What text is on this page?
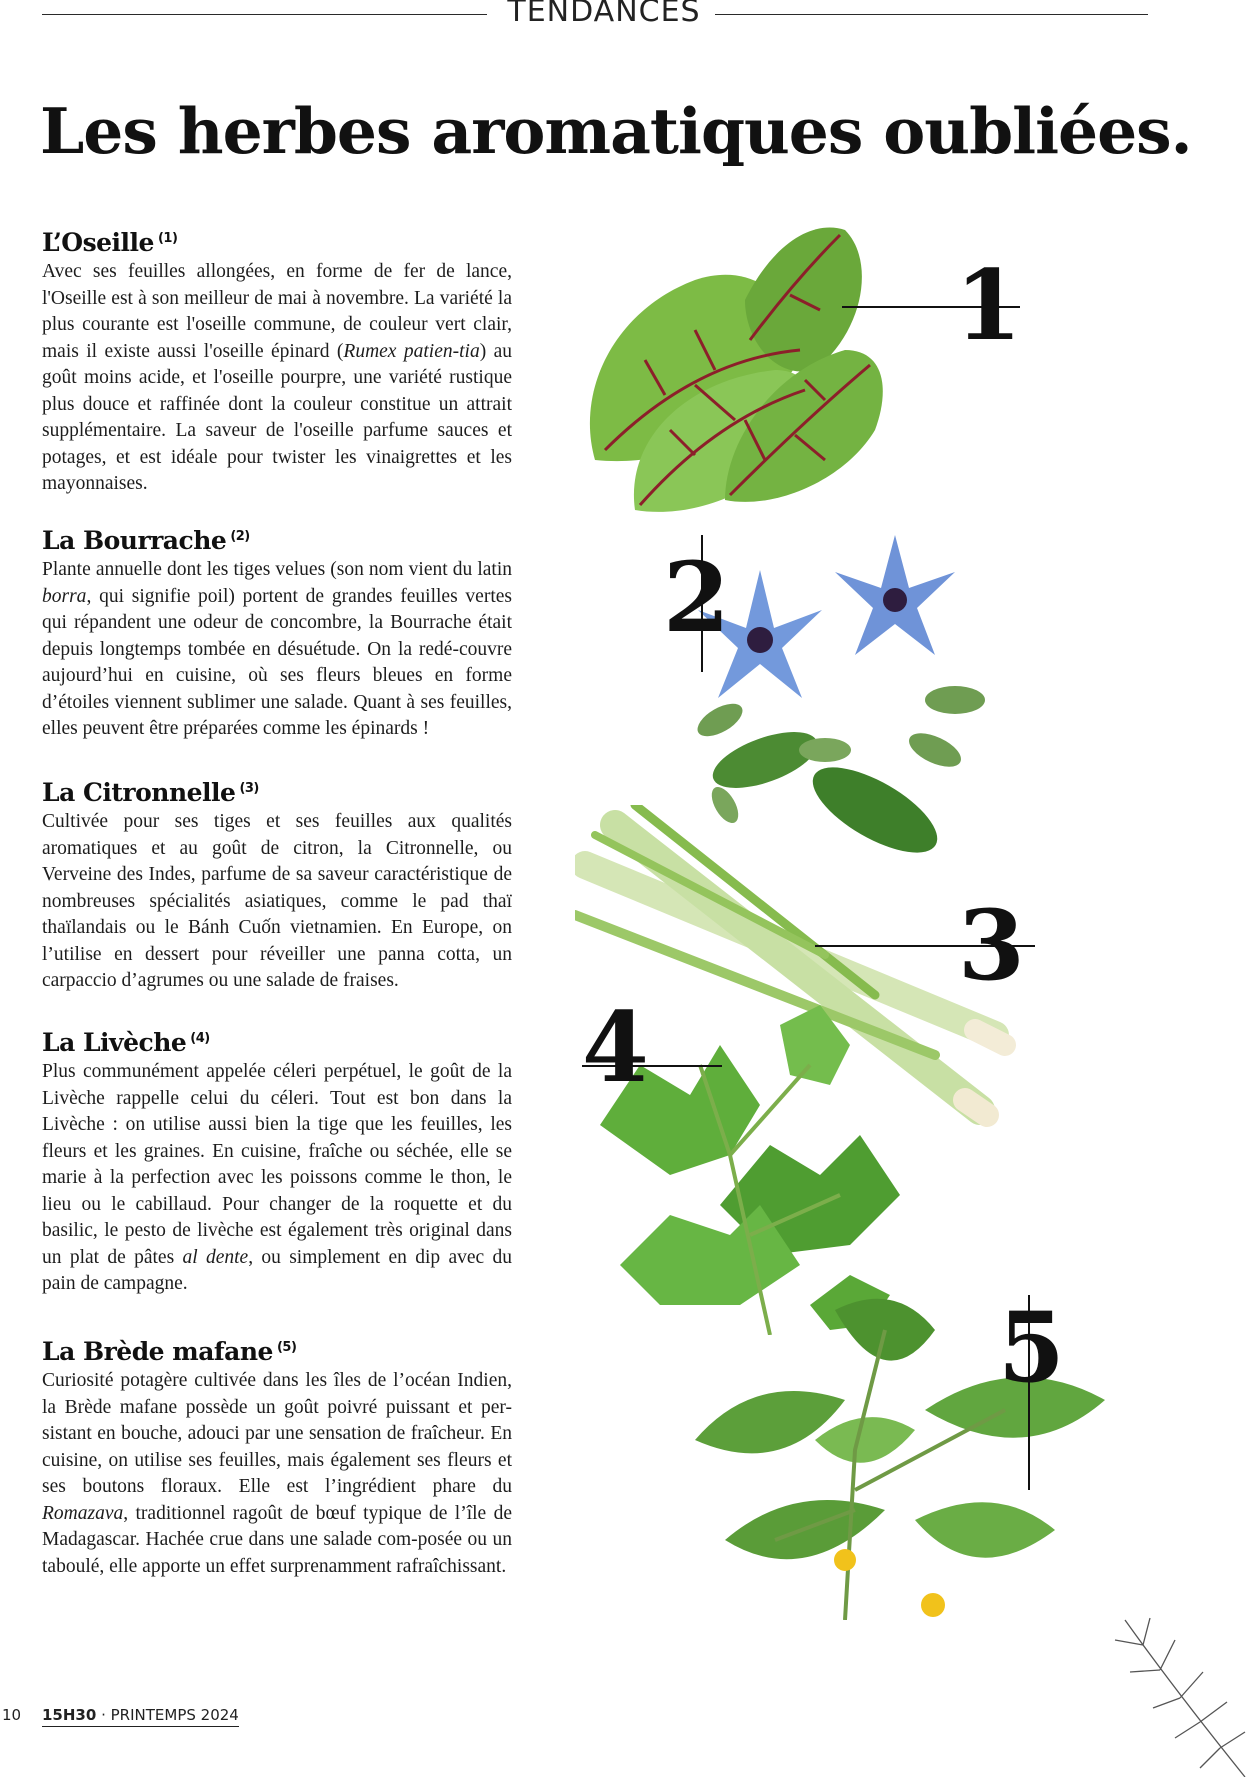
TENDANCES
Les herbes aromatiques oubliées.
L’Oseille $^{(1)}$

Avec ses feuilles allongées, en forme de fer de lance, l'Oseille est à son meilleur de mai à novembre. La variété la plus courante est l'oseille commune, de couleur vert clair, mais il existe aussi l'oseille épinard (Rumex patien-tia) au goût moins acide, et l'oseille pourpre, une variété rustique plus douce et raffinée dont la couleur constitue un attrait supplémentaire. La saveur de l'oseille parfume sauces et potages, et est idéale pour twister les vinaigrettes et les mayonnaises.

La Bourrache $^{(2)}$

Plante annuelle dont les tiges velues (son nom vient du latin borra, qui signifie poil) portent de grandes feuilles vertes qui répandent une odeur de concombre, la Bourrache était depuis longtemps tombée en désuétude. On la redé-couvre aujourd’hui en cuisine, où ses fleurs bleues en forme d’étoiles viennent sublimer une salade. Quant à ses feuilles, elles peuvent être préparées comme les épinards !

La Citronnelle $^{(3)}$

Cultivée pour ses tiges et ses feuilles aux qualités aromatiques et au goût de citron, la Citronnelle, ou Verveine des Indes, parfume de sa saveur caractéristique de nombreuses spécialités asiatiques, comme le pad thaï thaïlandais ou le Bánh Cuốn vietnamien. En Europe, on l’utilise en dessert pour réveiller une panna cotta, un carpaccio d’agrumes ou une salade de fraises.

La Livèche $^{(4)}$

Plus communément appelée céleri perpétuel, le goût de la Livèche rappelle celui du céleri. Tout est bon dans la Livèche : on utilise aussi bien la tige que les feuilles, les fleurs et les graines. En cuisine, fraîche ou séchée, elle se marie à la perfection avec les poissons comme le thon, le lieu ou le cabillaud. Pour changer de la roquette et du basilic, le pesto de livèche est également très original dans un plat de pâtes al dente, ou simplement en dip avec du pain de campagne.

La Brède mafane $^{(5)}$

Curiosité potagère cultivée dans les îles de l’océan Indien, la Brède mafane possède un goût poivré puissant et per-sistant en bouche, adouci par une sensation de fraîcheur. En cuisine, on utilise ses feuilles, mais également ses fleurs et ses boutons floraux. Elle est l’ingrédient phare du Romazava, traditionnel ragoût de bœuf typique de l’île de Madagascar. Hachée crue dans une salade com-posée ou un taboulé, elle apporte un effet surprenamment rafraîchissant.

1
2
3
4
5
10 15H30 · PRINTEMPS 2024
